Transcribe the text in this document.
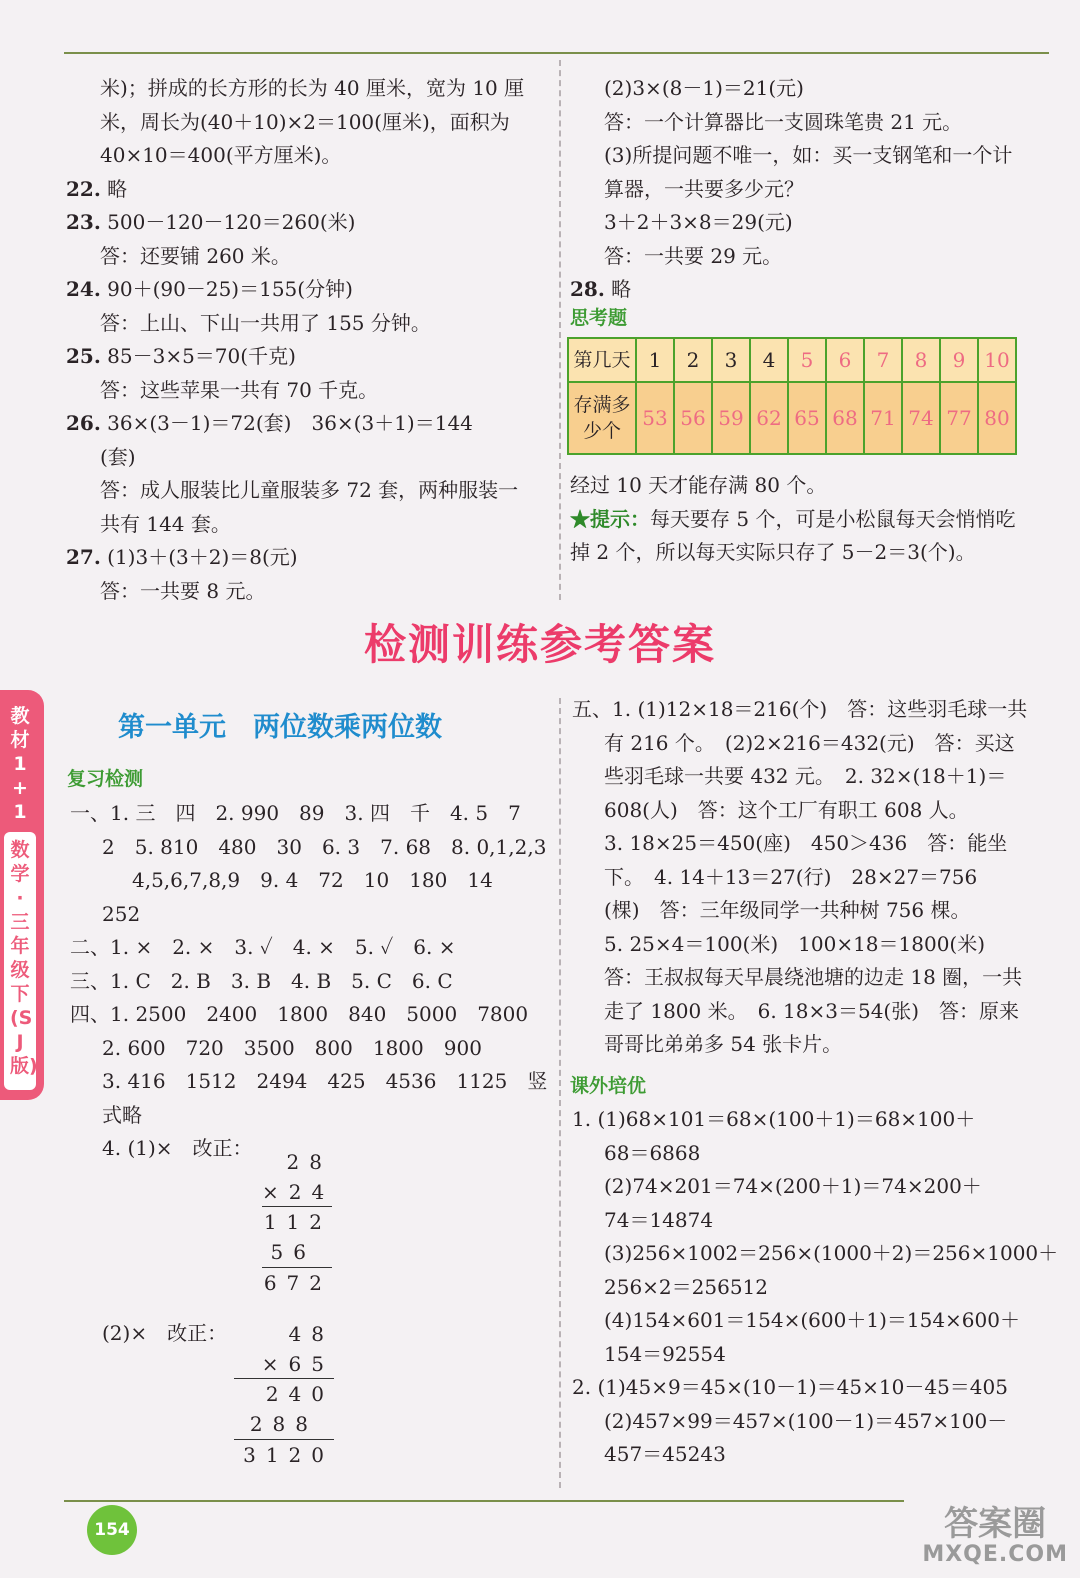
米)；拼成的长方形的长为 40 厘米，宽为 10 厘

米，周长为(40＋10)×2＝100(厘米)，面积为

40×10＝400(平方厘米)。

22. 略

23. 500－120－120＝260(米)

答：还要铺 260 米。

24. 90＋(90－25)＝155(分钟)

答：上山、下山一共用了 155 分钟。

25. 85－3×5＝70(千克)

答：这些苹果一共有 70 千克。

26. 36×(3－1)＝72(套)　36×(3＋1)＝144

(套)

答：成人服装比儿童服装多 72 套，两种服装一

共有 144 套。

27. (1)3＋(3＋2)＝8(元)

答：一共要 8 元。

(2)3×(8－1)＝21(元)

答：一个计算器比一支圆珠笔贵 21 元。

(3)所提问题不唯一，如：买一支钢笔和一个计

算器，一共要多少元？

3＋2＋3×8＝29(元)

答：一共要 29 元。

28. 略

思考题
第几天	1	2	3	4	5	6	7	8	9	10
存满多少个	53	56	59	62	65	68	71	74	77	80

经过 10 天才能存满 80 个。

★提示：每天要存 5 个，可是小松鼠每天会悄悄吃

掉 2 个，所以每天实际只存了 5－2＝3(个)。

检测训练参考答案
教材1+1
数学·三年级下(SJ版)
第一单元　两位数乘两位数
复习检测

一、1. 三　四　2. 990　89　3. 四　千　4. 5　7

2　5. 810　480　30　6. 3　7. 68　8. 0,1,2,3

4,5,6,7,8,9　9. 4　72　10　180　14

252

二、1. ×　2. ×　3. ✓　4. ×　5. ✓　6. ×

三、1. C　2. B　3. B　4. B　5. C　6. C

四、1. 2500　2400　1800　840　5000　7800

2. 600　720　3500　800　1800　900

3. 416　1512　2494　425　4536　1125　竖

式略

4. (1)×　改正：

28
×24
112
56
672

(2)×　改正：	48
×65
240
288
3120

五、1. (1)12×18＝216(个)　答：这些羽毛球一共

有 216 个。　(2)2×216＝432(元)　答：买这

些羽毛球一共要 432 元。　2. 32×(18＋1)＝

608(人)　答：这个工厂有职工 608 人。

3. 18×25＝450(座)　450＞436　答：能坐

下。　4. 14＋13＝27(行)　28×27＝756

(棵)　答：三年级同学一共种树 756 棵。

5. 25×4＝100(米)　100×18＝1800(米)

答：王叔叔每天早晨绕池塘的边走 18 圈，一共

走了 1800 米。　6. 18×3＝54(张)　答：原来

哥哥比弟弟多 54 张卡片。

课外培优

1. (1)68×101＝68×(100＋1)＝68×100＋

68＝6868

(2)74×201＝74×(200＋1)＝74×200＋

74＝14874

(3)256×1002＝256×(1000＋2)＝256×1000＋

256×2＝256512

(4)154×601＝154×(600＋1)＝154×600＋

154＝92554

2. (1)45×9＝45×(10－1)＝45×10－45＝405

(2)457×99＝457×(100－1)＝457×100－

457＝45243

154	答案圈
MXQE.COM
